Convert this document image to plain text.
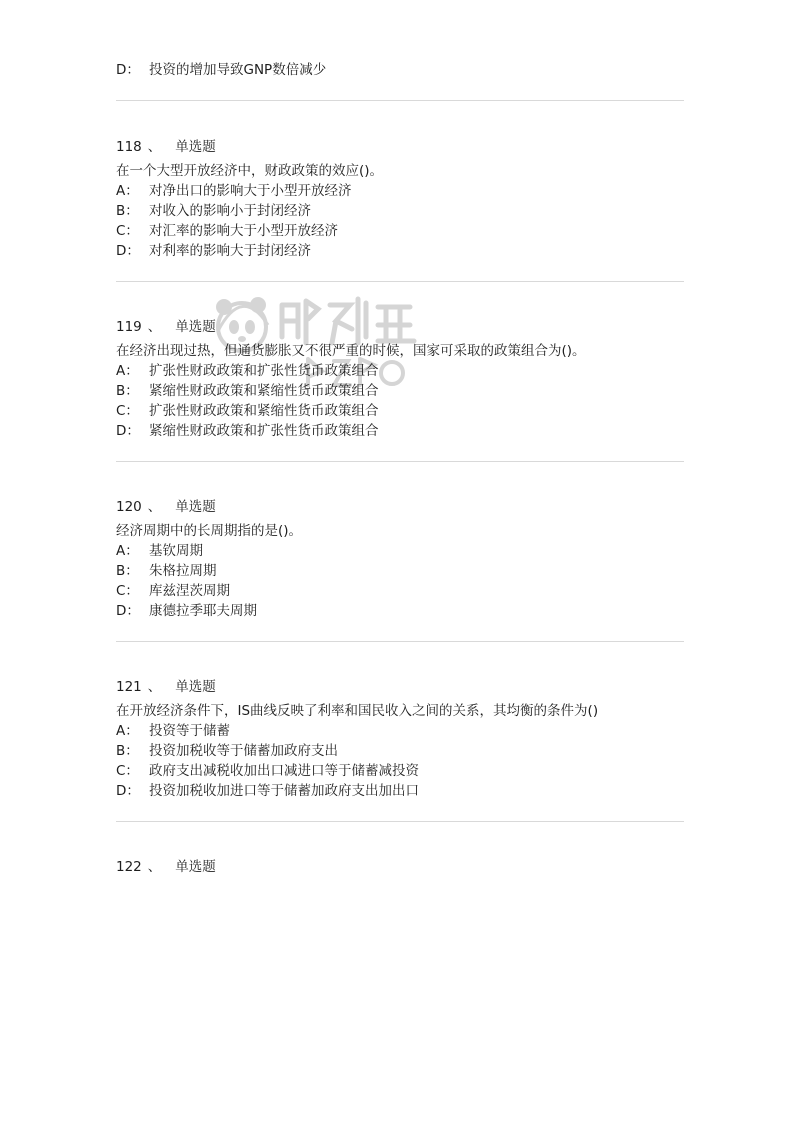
D： 投资的增加导致GNP数倍减少
118 、 单选题
在一个大型开放经济中，财政政策的效应()。
A： 对净出口的影响大于小型开放经济
B： 对收入的影响小于封闭经济
C： 对汇率的影响大于小型开放经济
D： 对利率的影响大于封闭经济
119 、 单选题
在经济出现过热，但通货膨胀又不很严重的时候，国家可采取的政策组合为()。
A： 扩张性财政政策和扩张性货币政策组合
B： 紧缩性财政政策和紧缩性货币政策组合
C： 扩张性财政政策和紧缩性货币政策组合
D： 紧缩性财政政策和扩张性货币政策组合
120 、 单选题
经济周期中的长周期指的是()。
A： 基钦周期
B： 朱格拉周期
C： 库兹涅茨周期
D： 康德拉季耶夫周期
121 、 单选题
在开放经济条件下，IS曲线反映了利率和国民收入之间的关系，其均衡的条件为()
A： 投资等于储蓄
B： 投资加税收等于储蓄加政府支出
C： 政府支出减税收加出口减进口等于储蓄减投资
D： 投资加税收加进口等于储蓄加政府支出加出口
122 、 单选题
